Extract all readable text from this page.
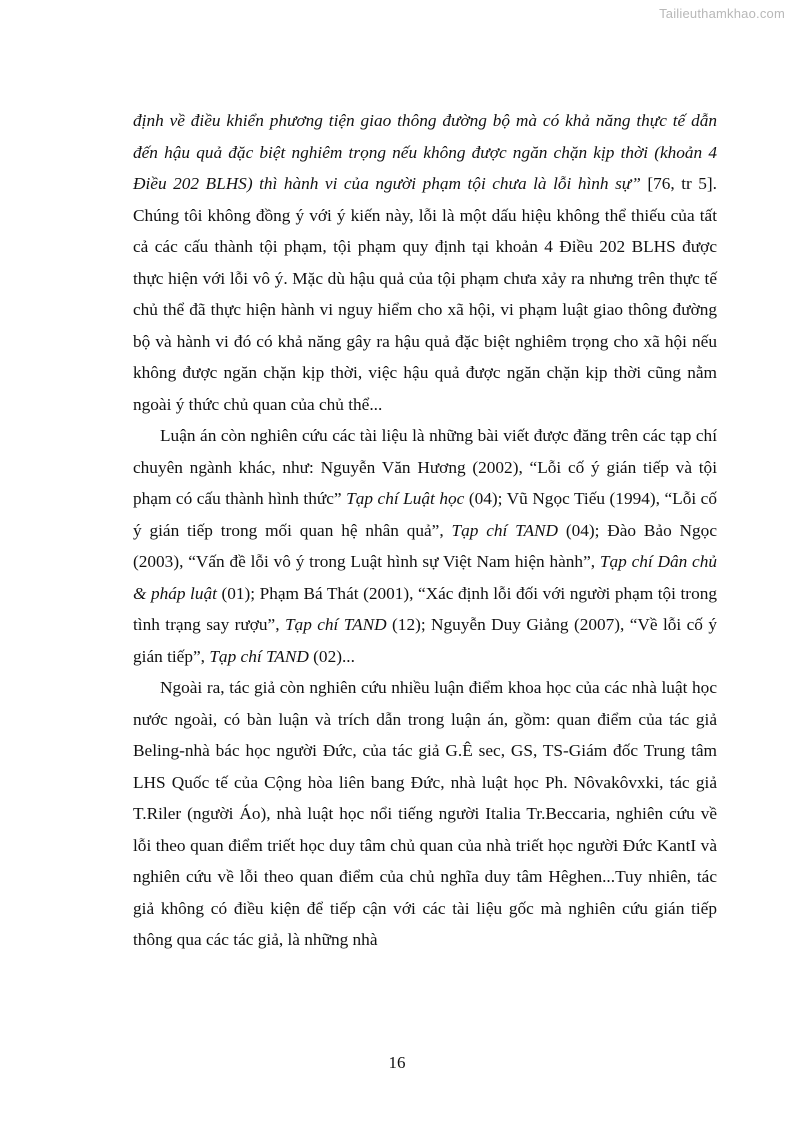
Tailieuthamkhao.com

định về điều khiển phương tiện giao thông đường bộ mà có khả năng thực tế dẫn đến hậu quả đặc biệt nghiêm trọng nếu không được ngăn chặn kịp thời (khoản 4 Điều 202 BLHS) thì hành vi của người phạm tội chưa là lỗi hình sự” [76, tr 5]. Chúng tôi không đồng ý với ý kiến này, lỗi là một dấu hiệu không thể thiếu của tất cả các cấu thành tội phạm, tội phạm quy định tại khoản 4 Điều 202 BLHS được thực hiện với lỗi vô ý. Mặc dù hậu quả của tội phạm chưa xảy ra nhưng trên thực tế chủ thể đã thực hiện hành vi nguy hiểm cho xã hội, vi phạm luật giao thông đường bộ và hành vi đó có khả năng gây ra hậu quả đặc biệt nghiêm trọng cho xã hội nếu không được ngăn chặn kịp thời, việc hậu quả được ngăn chặn kịp thời cũng nằm ngoài ý thức chủ quan của chủ thể...

Luận án còn nghiên cứu các tài liệu là những bài viết được đăng trên các tạp chí chuyên ngành khác, như: Nguyễn Văn Hương (2002), “Lỗi cố ý gián tiếp và tội phạm có cấu thành hình thức” Tạp chí Luật học (04); Vũ Ngọc Tiếu (1994), “Lỗi cố ý gián tiếp trong mối quan hệ nhân quả”, Tạp chí TAND (04); Đào Bảo Ngọc (2003), “Vấn đề lỗi vô ý trong Luật hình sự Việt Nam hiện hành”, Tạp chí Dân chủ & pháp luật (01); Phạm Bá Thát (2001), “Xác định lỗi đối với người phạm tội trong tình trạng say rượu”, Tạp chí TAND (12); Nguyễn Duy Giảng (2007), “Về lỗi cố ý gián tiếp”, Tạp chí TAND (02)...

Ngoài ra, tác giả còn nghiên cứu nhiều luận điểm khoa học của các nhà luật học nước ngoài, có bàn luận và trích dẫn trong luận án, gồm: quan điểm của tác giả Beling-nhà bác học người Đức, của tác giả G.Ê sec, GS, TS-Giám đốc Trung tâm LHS Quốc tế của Cộng hòa liên bang Đức, nhà luật học Ph. Nôvakôvxki, tác giả T.Riler (người Áo), nhà luật học nổi tiếng người Italia Tr.Beccaria, nghiên cứu về lỗi theo quan điểm triết học duy tâm chủ quan của nhà triết học người Đức KantI và nghiên cứu về lỗi theo quan điểm của chủ nghĩa duy tâm Hêghen...Tuy nhiên, tác giả không có điều kiện để tiếp cận với các tài liệu gốc mà nghiên cứu gián tiếp thông qua các tác giả, là những nhà

16
